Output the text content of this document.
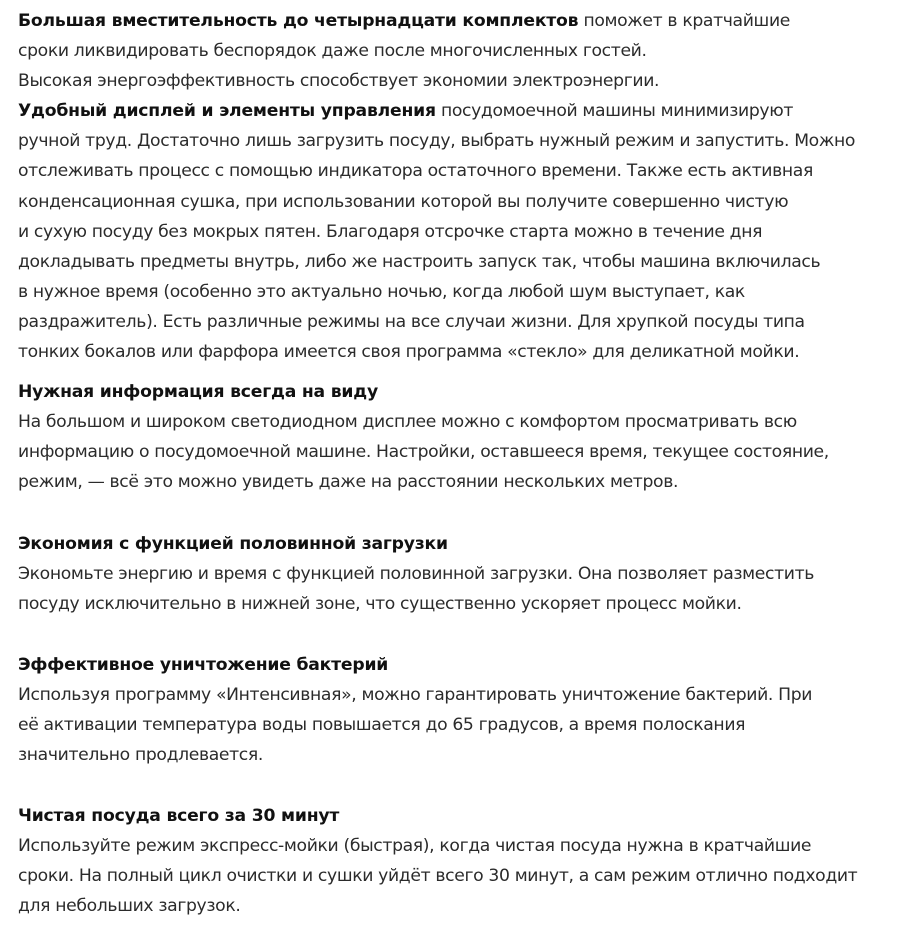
Большая вместительность до четырнадцати комплектов поможет в кратчайшие
сроки ликвидировать беспорядок даже после многочисленных гостей.
Высокая энергоэффективность способствует экономии электроэнергии.
Удобный дисплей и элементы управления посудомоечной машины минимизируют
ручной труд. Достаточно лишь загрузить посуду, выбрать нужный режим и запустить. Можно
отслеживать процесс с помощью индикатора остаточного времени. Также есть активная
конденсационная сушка, при использовании которой вы получите совершенно чистую
и сухую посуду без мокрых пятен. Благодаря отсрочке старта можно в течение дня
докладывать предметы внутрь, либо же настроить запуск так, чтобы машина включилась
в нужное время (особенно это актуально ночью, когда любой шум выступает, как
раздражитель). Есть различные режимы на все случаи жизни. Для хрупкой посуды типа
тонких бокалов или фарфора имеется своя программа «стекло» для деликатной мойки.
Нужная информация всегда на виду
На большом и широком светодиодном дисплее можно с комфортом просматривать всю
информацию о посудомоечной машине. Настройки, оставшееся время, текущее состояние,
режим, — всё это можно увидеть даже на расстоянии нескольких метров.
Экономия с функцией половинной загрузки
Экономьте энергию и время с функцией половинной загрузки. Она позволяет разместить
посуду исключительно в нижней зоне, что существенно ускоряет процесс мойки.
Эффективное уничтожение бактерий
Используя программу «Интенсивная», можно гарантировать уничтожение бактерий. При
её активации температура воды повышается до 65 градусов, а время полоскания
значительно продлевается.
Чистая посуда всего за 30 минут
Используйте режим экспресс-мойки (быстрая), когда чистая посуда нужна в кратчайшие
сроки. На полный цикл очистки и сушки уйдёт всего 30 минут, а сам режим отлично подходит
для небольших загрузок.
